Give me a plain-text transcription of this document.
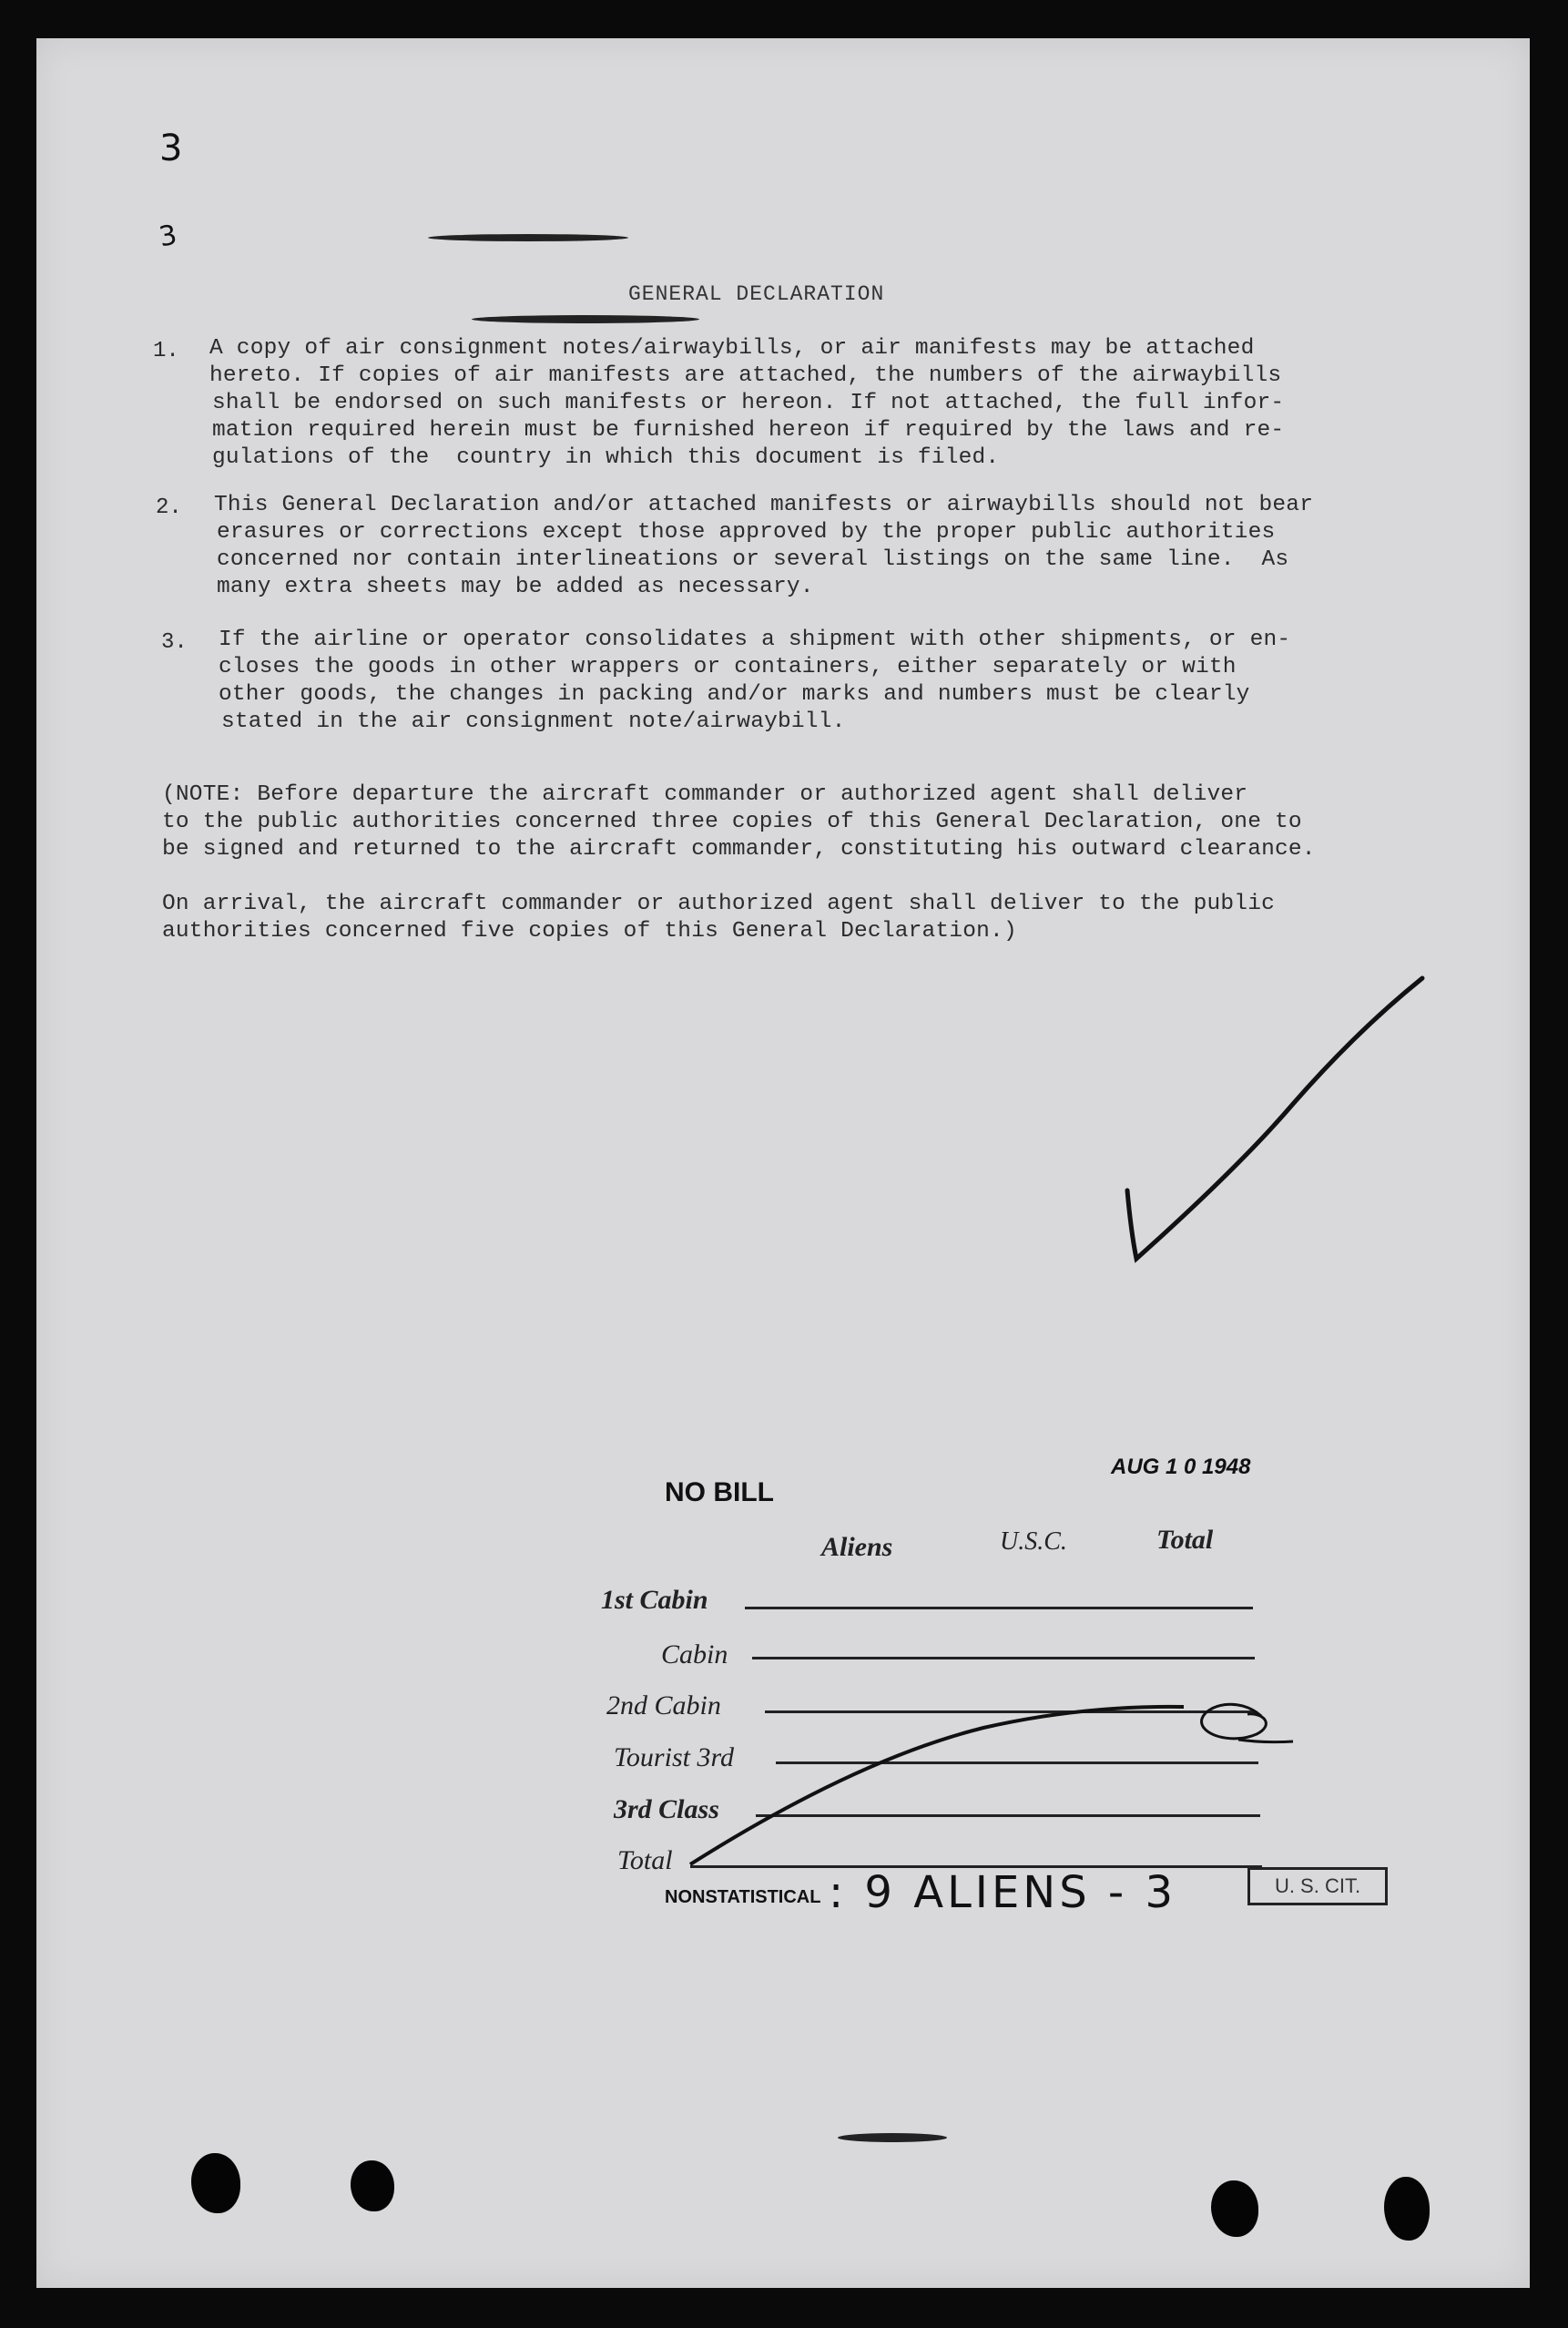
3
3
GENERAL DECLARATION
1. A copy of air consignment notes/airwaybills, or air manifests may be attached
hereto. If copies of air manifests are attached, the numbers of the airwaybills
shall be endorsed on such manifests or hereon. If not attached, the full infor-
mation required herein must be furnished hereon if required by the laws and re-
gulations of the  country in which this document is filed.
2. This General Declaration and/or attached manifests or airwaybills should not bear
erasures or corrections except those approved by the proper public authorities
concerned nor contain interlineations or several listings on the same line.  As
many extra sheets may be added as necessary.
3. If the airline or operator consolidates a shipment with other shipments, or en-
closes the goods in other wrappers or containers, either separately or with
other goods, the changes in packing and/or marks and numbers must be clearly
stated in the air consignment note/airwaybill.
(NOTE: Before departure the aircraft commander or authorized agent shall deliver
to the public authorities concerned three copies of this General Declaration, one to
be signed and returned to the aircraft commander, constituting his outward clearance.
On arrival, the aircraft commander or authorized agent shall deliver to the public
authorities concerned five copies of this General Declaration.)
NO BILL
AUG 1 0 1948
Aliens	U.S.C.	Total
1st Cabin
Cabin
2nd Cabin
Tourist 3rd
3rd Class
Total
NONSTATISTICAL : 9 ALIENS - 3	U. S. CIT.
